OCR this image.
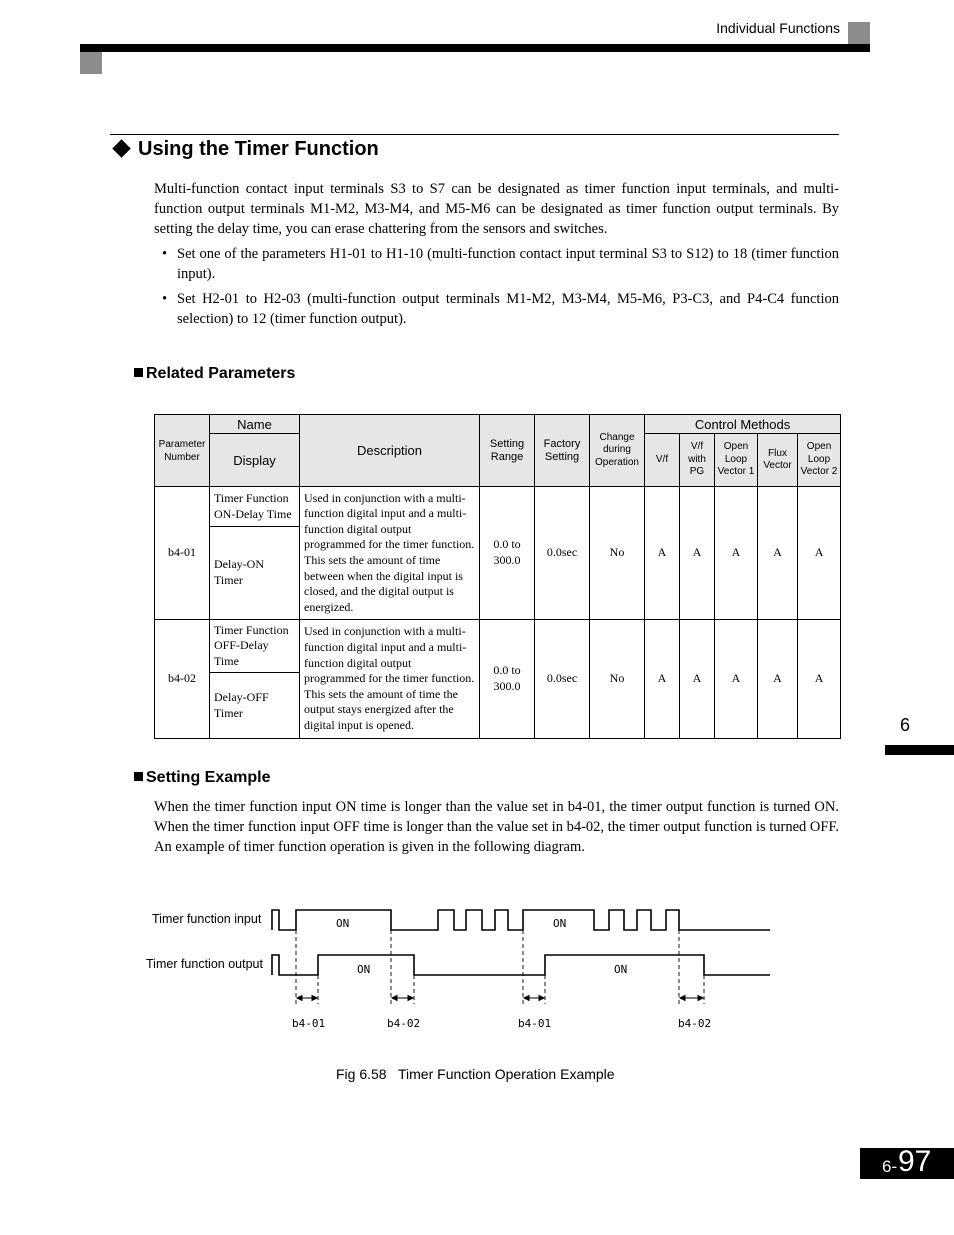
Individual Functions
Using the Timer Function
Multi-function contact input terminals S3 to S7 can be designated as timer function input terminals, and multi-function output terminals M1-M2, M3-M4, and M5-M6 can be designated as timer function output terminals. By setting the delay time, you can erase chattering from the sensors and switches.
• Set one of the parameters H1-01 to H1-10 (multi-function contact input terminal S3 to S12) to 18 (timer function input).
• Set H2-01 to H2-03 (multi-function output terminals M1-M2, M3-M4, M5-M6, P3-C3, and P4-C4 function selection) to 12 (timer function output).
Related Parameters
Parameter Number	Name	Description	Setting Range	Factory Setting	Change during Operation	Control Methods				
	Display					V/f	V/f with PG	Open Loop Vector 1	Flux Vector	Open Loop Vector 2
b4-01	Timer Function ON-Delay Time	Used in conjunction with a multi-function digital input and a multi-function digital output programmed for the timer function. This sets the amount of time between when the digital input is closed, and the digital output is energized.	0.0 to 300.0	0.0sec	No	A	A	A	A	A
	Delay-ON Timer									
b4-02	Timer Function OFF-Delay Time	Used in conjunction with a multi-function digital input and a multi-function digital output programmed for the timer function. This sets the amount of time the output stays energized after the digital input is opened.	0.0 to 300.0	0.0sec	No	A	A	A	A	A
	Delay-OFF Timer									
6
Setting Example
When the timer function input ON time is longer than the value set in b4-01, the timer output function is turned ON. When the timer function input OFF time is longer than the value set in b4-02, the timer output function is turned OFF. An example of timer function operation is given in the following diagram.
Timer function input
Timer function output
ON	ON
ON	ON
b4-01	b4-02	b4-01	b4-02
Fig 6.58   Timer Function Operation Example
6- 97
